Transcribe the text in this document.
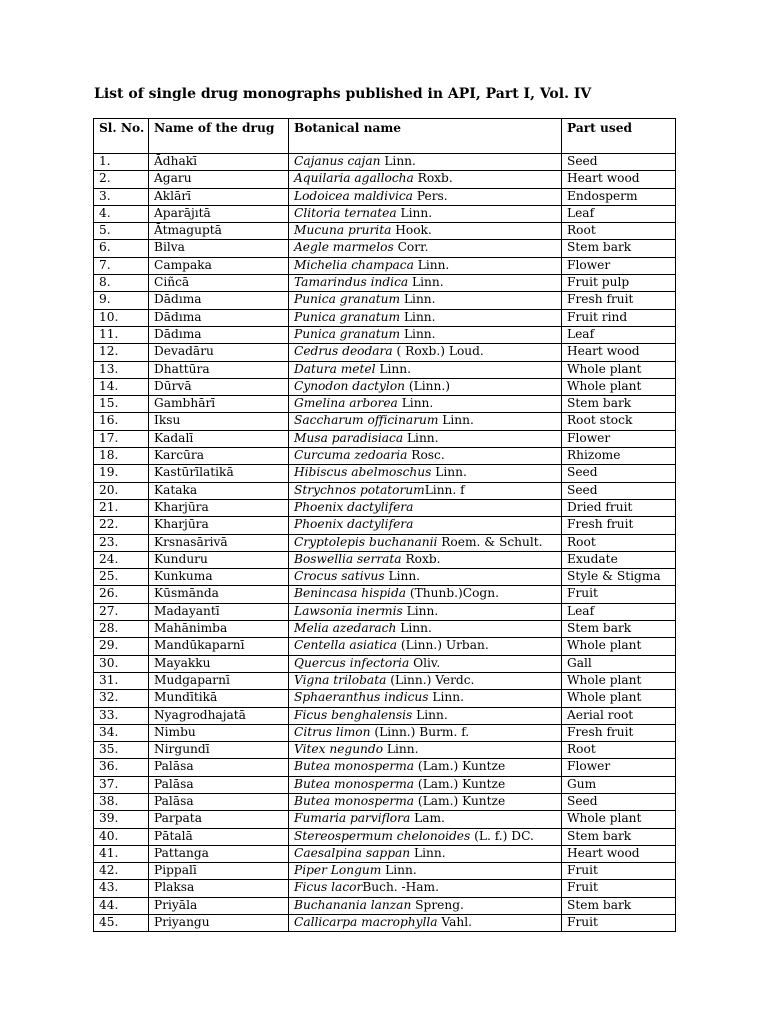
List of single drug monographs published in API, Part I, Vol. IV
Sl. No.	Name of the drug	Botanical name	Part used
1.	Ādhakī	Cajanus cajan Linn.	Seed
2.	Agaru	Aquilaria agallocha Roxb.	Heart wood
3.	Aklārī	Lodoicea maldivica Pers.	Endosperm
4.	Aparājıtā	Clitoria ternatea Linn.	Leaf
5.	Ātmaguptā	Mucuna prurita Hook.	Root
6.	Bilva	Aegle marmelos Corr.	Stem bark
7.	Campaka	Michelia champaca Linn.	Flower
8.	Ciñcā	Tamarindus indica Linn.	Fruit pulp
9.	Dādıma	Punica granatum Linn.	Fresh fruit
10.	Dādıma	Punica granatum Linn.	Fruit rind
11.	Dādıma	Punica granatum Linn.	Leaf
12.	Devadāru	Cedrus deodara ( Roxb.) Loud.	Heart wood
13.	Dhattūra	Datura metel Linn.	Whole plant
14.	Dūrvā	Cynodon dactylon (Linn.)	Whole plant
15.	Gambhārī	Gmelina arborea Linn.	Stem bark
16.	Iksu	Saccharum officinarum Linn.	Root stock
17.	Kadalī	Musa paradisiaca Linn.	Flower
18.	Karcūra	Curcuma zedoaria Rosc.	Rhizome
19.	Kastūrīlatikā	Hibiscus abelmoschus Linn.	Seed
20.	Kataka	Strychnos potatorumLinn. f	Seed
21.	Kharjūra	Phoenix dactylifera	Dried fruit
22.	Kharjūra	Phoenix dactylifera	Fresh fruit
23.	Krsnasārivā	Cryptolepis buchananii Roem. & Schult.	Root
24.	Kunduru	Boswellia serrata Roxb.	Exudate
25.	Kunkuma	Crocus sativus Linn.	Style & Stigma
26.	Kūsmānda	Benincasa hispida (Thunb.)Cogn.	Fruit
27.	Madayantī	Lawsonia inermis Linn.	Leaf
28.	Mahānimba	Melia azedarach Linn.	Stem bark
29.	Mandūkaparnī	Centella asiatica (Linn.) Urban.	Whole plant
30.	Mayakku	Quercus infectoria Oliv.	Gall
31.	Mudgaparnī	Vigna trilobata (Linn.) Verdc.	Whole plant
32.	Mundītikā	Sphaeranthus indicus Linn.	Whole plant
33.	Nyagrodhajatā	Ficus benghalensis Linn.	Aerial root
34.	Nimbu	Citrus limon (Linn.) Burm. f.	Fresh fruit
35.	Nirgundī	Vitex negundo Linn.	Root
36.	Palāsa	Butea monosperma (Lam.) Kuntze	Flower
37.	Palāsa	Butea monosperma (Lam.) Kuntze	Gum
38.	Palāsa	Butea monosperma (Lam.) Kuntze	Seed
39.	Parpata	Fumaria parviflora Lam.	Whole plant
40.	Pātalā	Stereospermum chelonoides (L. f.) DC.	Stem bark
41.	Pattanga	Caesalpina sappan Linn.	Heart wood
42.	Pippalī	Piper Longum Linn.	Fruit
43.	Plaksa	Ficus lacorBuch. -Ham.	Fruit
44.	Priyāla	Buchanania lanzan Spreng.	Stem bark
45.	Priyangu	Callicarpa macrophylla Vahl.	Fruit
